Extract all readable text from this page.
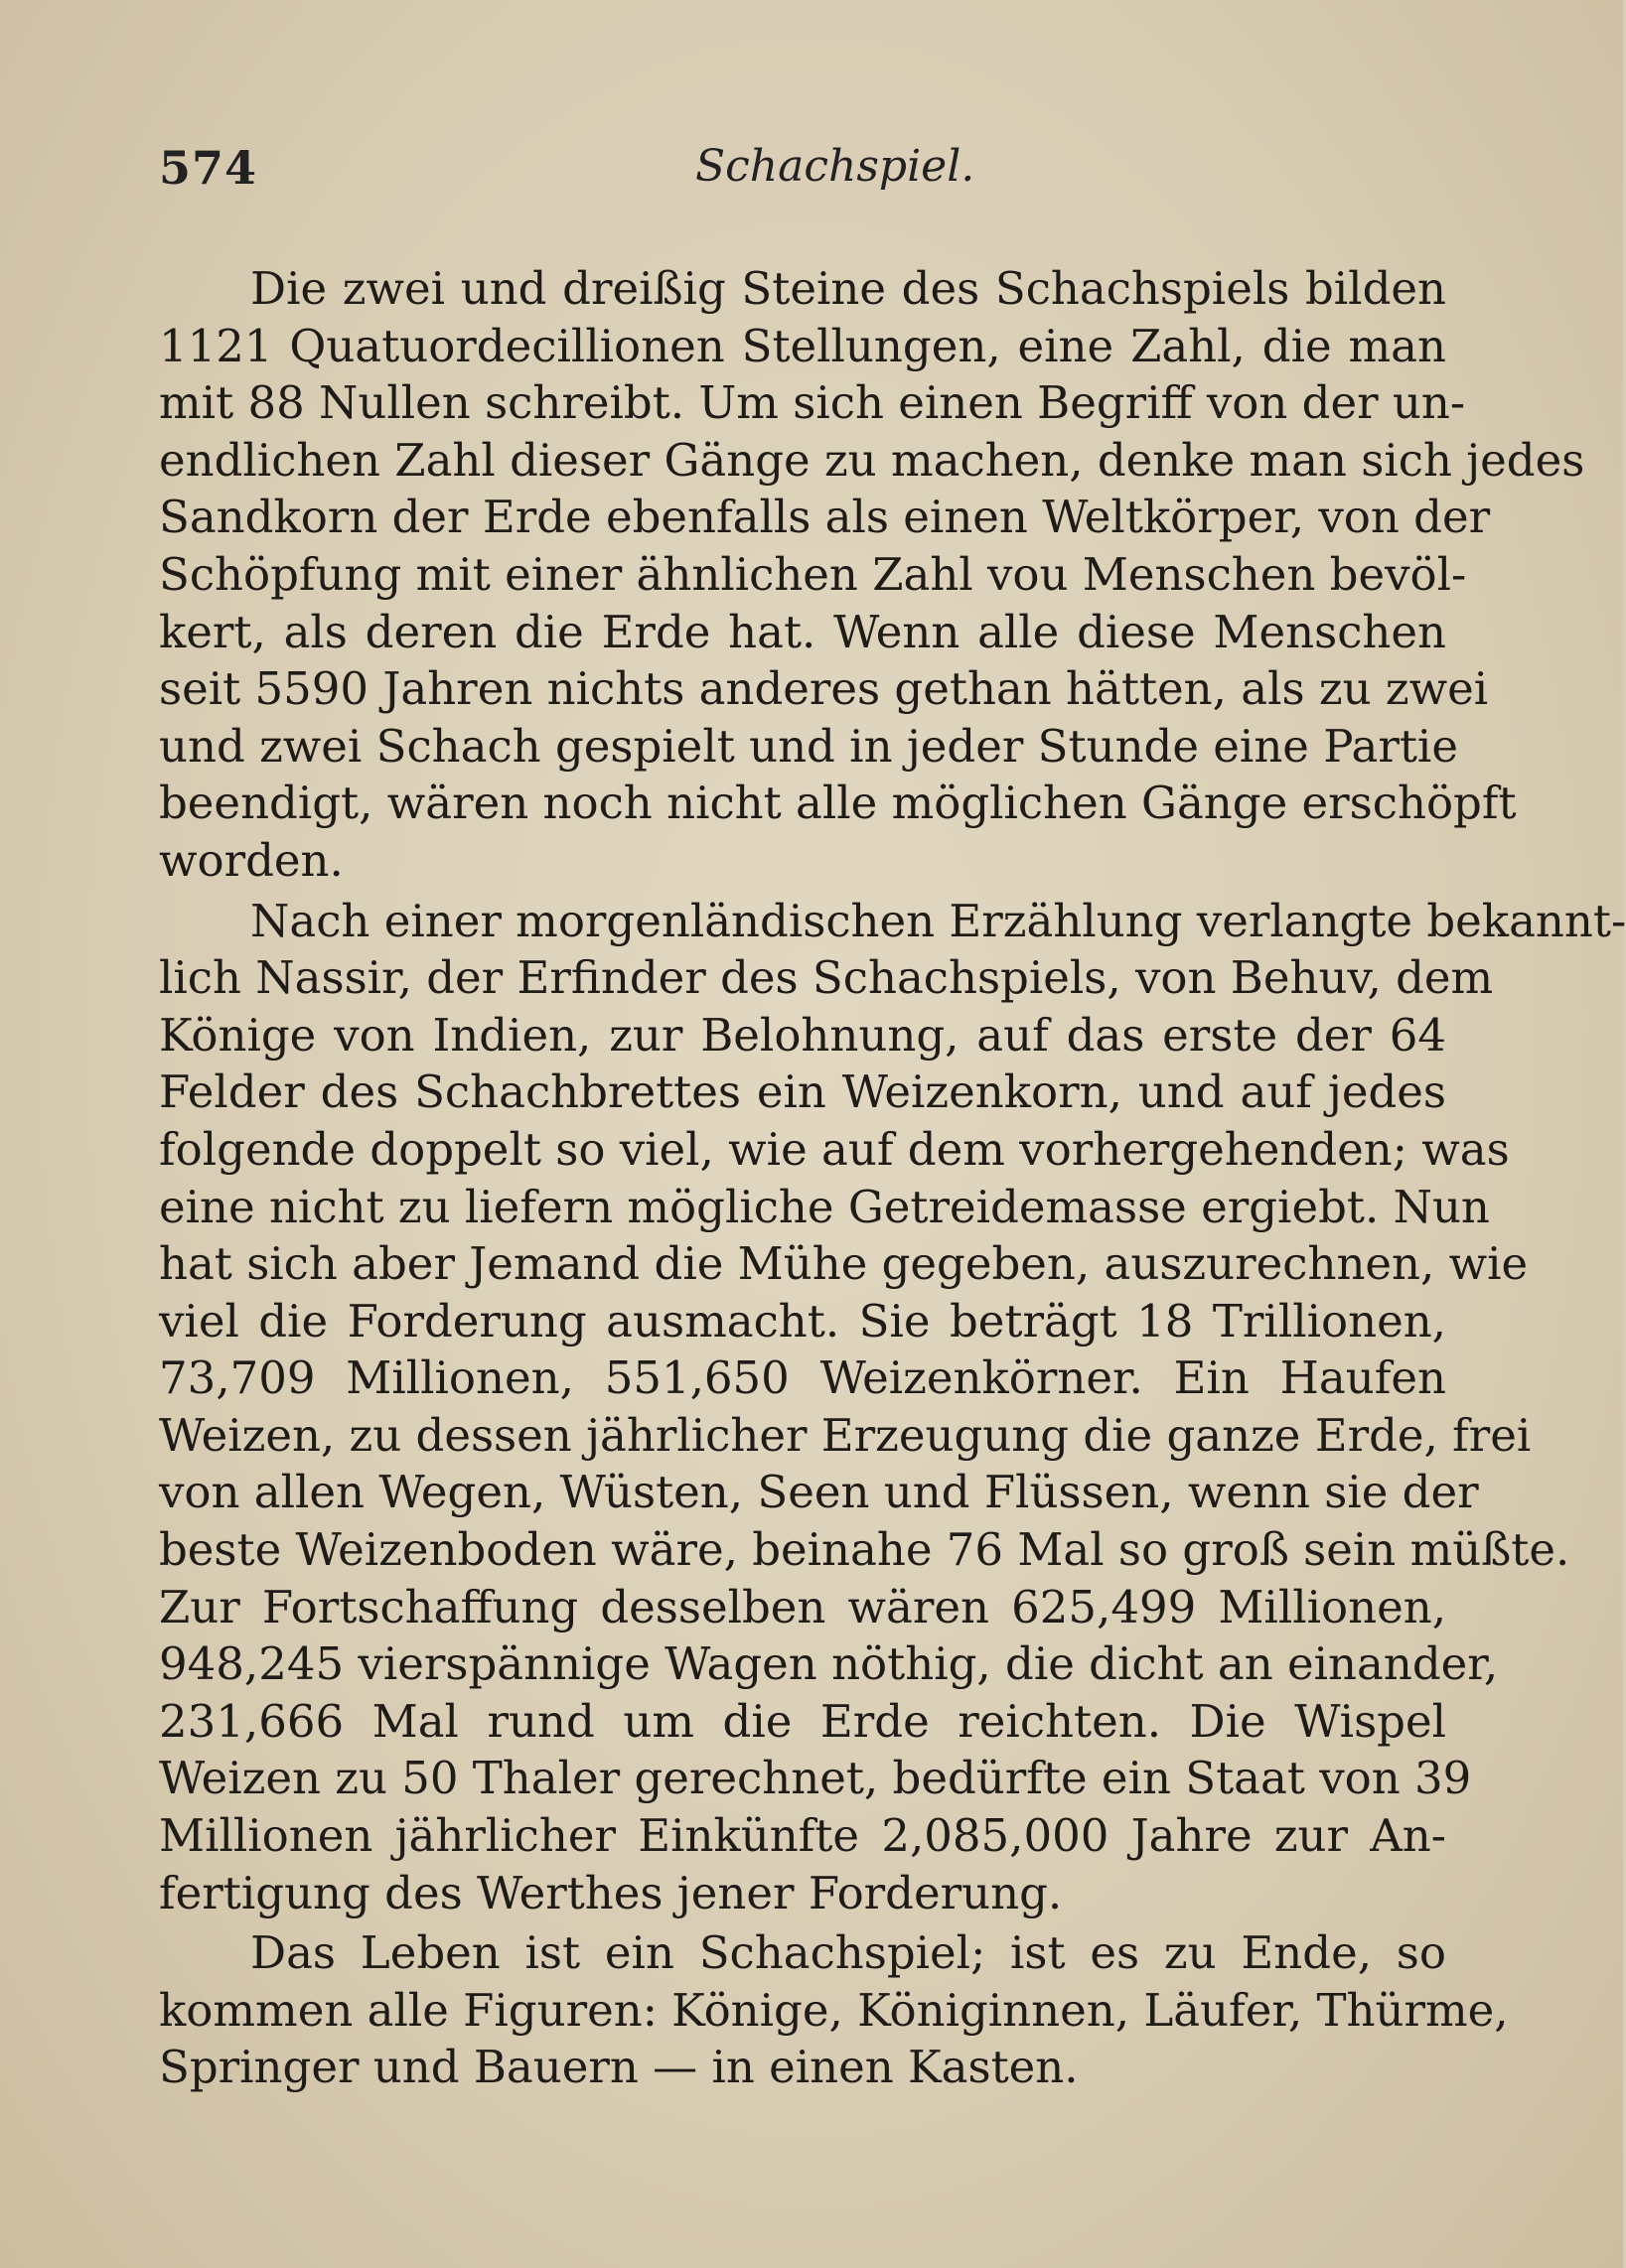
574	Schachspiel.
Die zwei und dreißig Steine des Schachspiels bilden
1121 Quatuordecillionen Stellungen, eine Zahl, die man
mit 88 Nullen schreibt. Um sich einen Begriff von der un-
endlichen Zahl dieser Gänge zu machen, denke man sich jedes
Sandkorn der Erde ebenfalls als einen Weltkörper, von der
Schöpfung mit einer ähnlichen Zahl vou Menschen bevöl-
kert, als deren die Erde hat. Wenn alle diese Menschen
seit 5590 Jahren nichts anderes gethan hätten, als zu zwei
und zwei Schach gespielt und in jeder Stunde eine Partie
beendigt, wären noch nicht alle möglichen Gänge erschöpft
worden.
Nach einer morgenländischen Erzählung verlangte bekannt-
lich Nassir, der Erfinder des Schachspiels, von Behuv, dem
Könige von Indien, zur Belohnung, auf das erste der 64
Felder des Schachbrettes ein Weizenkorn, und auf jedes
folgende doppelt so viel, wie auf dem vorhergehenden; was
eine nicht zu liefern mögliche Getreidemasse ergiebt. Nun
hat sich aber Jemand die Mühe gegeben, auszurechnen, wie
viel die Forderung ausmacht. Sie beträgt 18 Trillionen,
73,709 Millionen, 551,650 Weizenkörner. Ein Haufen
Weizen, zu dessen jährlicher Erzeugung die ganze Erde, frei
von allen Wegen, Wüsten, Seen und Flüssen, wenn sie der
beste Weizenboden wäre, beinahe 76 Mal so groß sein müßte.
Zur Fortschaffung desselben wären 625,499 Millionen,
948,245 vierspännige Wagen nöthig, die dicht an einander,
231,666 Mal rund um die Erde reichten. Die Wispel
Weizen zu 50 Thaler gerechnet, bedürfte ein Staat von 39
Millionen jährlicher Einkünfte 2,085,000 Jahre zur An-
fertigung des Werthes jener Forderung.
Das Leben ist ein Schachspiel; ist es zu Ende, so
kommen alle Figuren: Könige, Königinnen, Läufer, Thürme,
Springer und Bauern — in einen Kasten.
